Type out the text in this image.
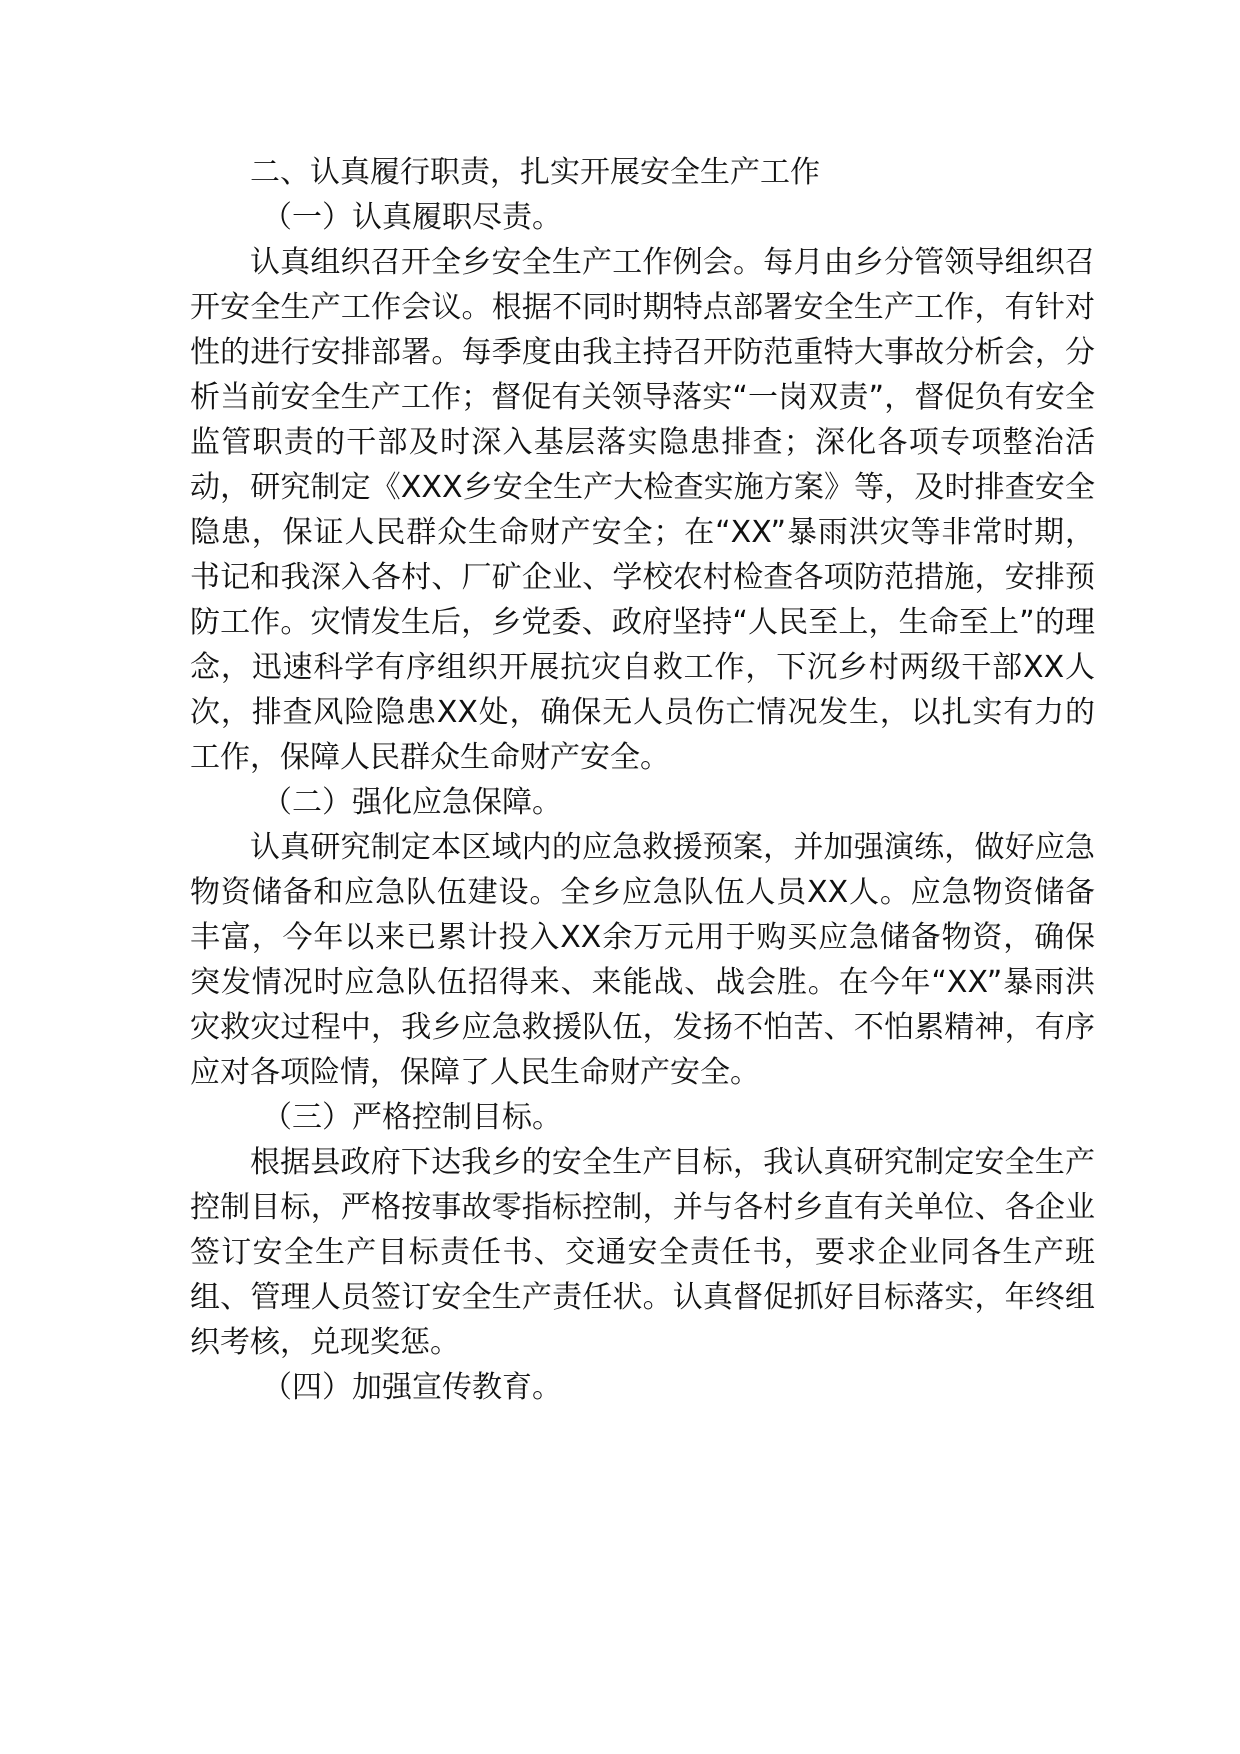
二、认真履行职责，扎实开展安全生产工作

（一）认真履职尽责。

认真组织召开全乡安全生产工作例会。每月由乡分管领导组织召开安全生产工作会议。根据不同时期特点部署安全生产工作，有针对性的进行安排部署。每季度由我主持召开防范重特大事故分析会，分析当前安全生产工作；督促有关领导落实“一岗双责”，督促负有安全监管职责的干部及时深入基层落实隐患排查；深化各项专项整治活动，研究制定《XXX乡安全生产大检查实施方案》等，及时排查安全隐患，保证人民群众生命财产安全；在“XX”暴雨洪灾等非常时期，书记和我深入各村、厂矿企业、学校农村检查各项防范措施，安排预防工作。灾情发生后，乡党委、政府坚持“人民至上，生命至上”的理念，迅速科学有序组织开展抗灾自救工作，下沉乡村两级干部XX人次，排查风险隐患XX处，确保无人员伤亡情况发生，以扎实有力的工作，保障人民群众生命财产安全。

（二）强化应急保障。

认真研究制定本区域内的应急救援预案，并加强演练，做好应急物资储备和应急队伍建设。全乡应急队伍人员XX人。应急物资储备丰富，今年以来已累计投入XX余万元用于购买应急储备物资，确保突发情况时应急队伍招得来、来能战、战会胜。在今年“XX”暴雨洪灾救灾过程中，我乡应急救援队伍，发扬不怕苦、不怕累精神，有序应对各项险情，保障了人民生命财产安全。

（三）严格控制目标。

根据县政府下达我乡的安全生产目标，我认真研究制定安全生产控制目标，严格按事故零指标控制，并与各村乡直有关单位、各企业签订安全生产目标责任书、交通安全责任书，要求企业同各生产班组、管理人员签订安全生产责任状。认真督促抓好目标落实，年终组织考核，兑现奖惩。

（四）加强宣传教育。
